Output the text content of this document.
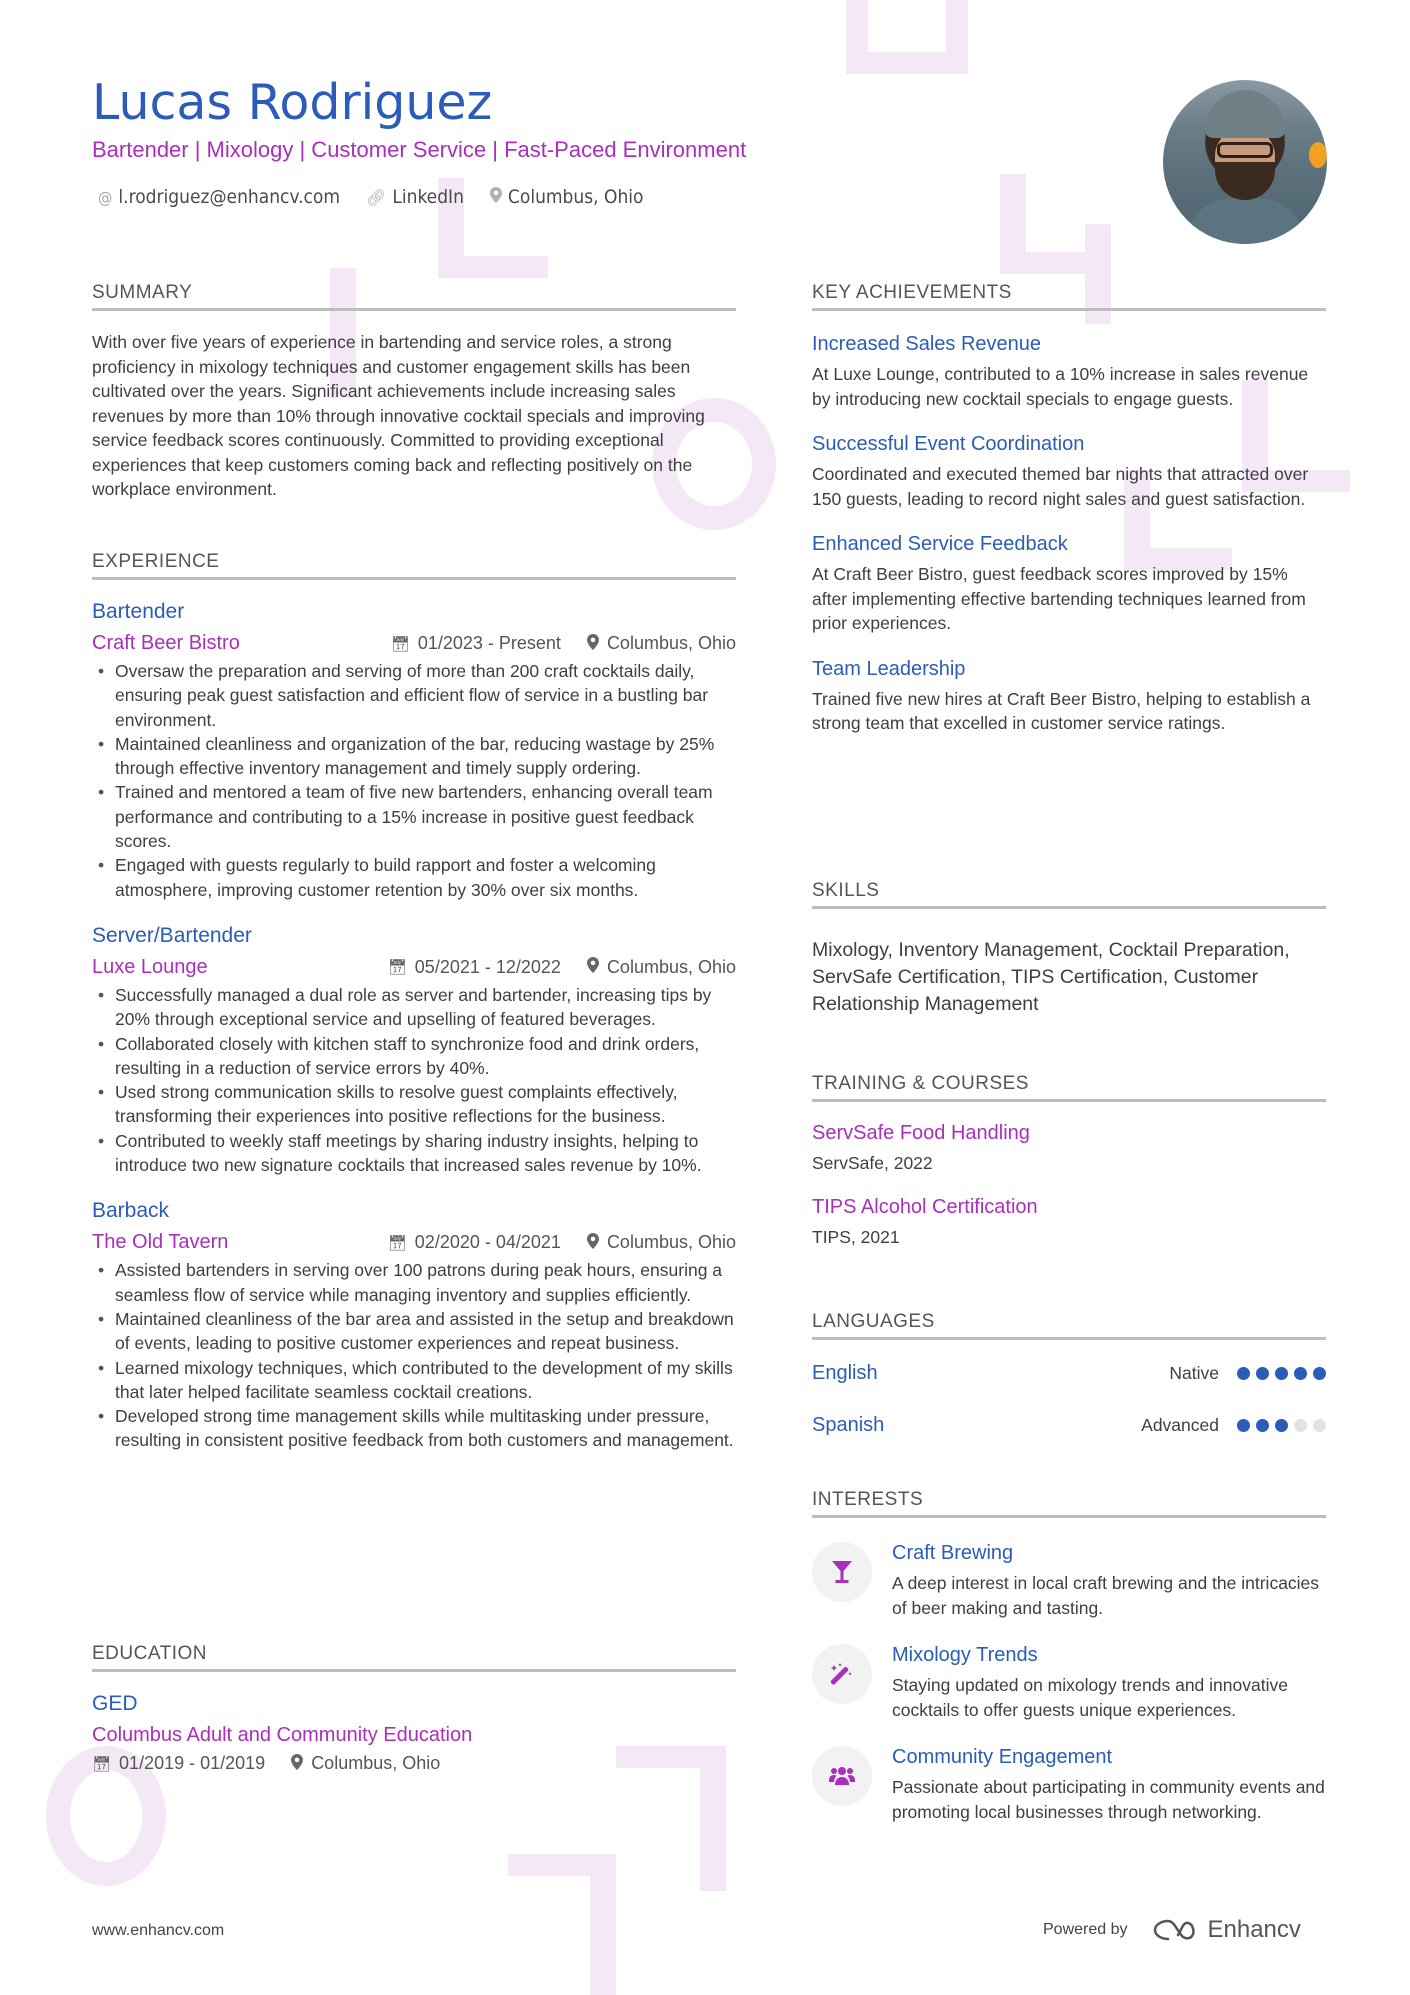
Lucas Rodriguez
Bartender | Mixology | Customer Service | Fast-Paced Environment
@ l.rodriguez@enhancv.com 🔗︎ LinkedIn Columbus, Ohio
SUMMARY
With over five years of experience in bartending and service roles, a strong proficiency in mixology techniques and customer engagement skills has been cultivated over the years. Significant achievements include increasing sales revenues by more than 10% through innovative cocktail specials and improving service feedback scores continuously. Committed to providing exceptional experiences that keep customers coming back and reflecting positively on the workplace environment.
EXPERIENCE
Bartender
Craft Beer Bistro	📅︎ 01/2023 - Present	Columbus, Ohio
• Oversaw the preparation and serving of more than 200 craft cocktails daily, ensuring peak guest satisfaction and efficient flow of service in a bustling bar environment.
• Maintained cleanliness and organization of the bar, reducing wastage by 25% through effective inventory management and timely supply ordering.
• Trained and mentored a team of five new bartenders, enhancing overall team performance and contributing to a 15% increase in positive guest feedback scores.
• Engaged with guests regularly to build rapport and foster a welcoming atmosphere, improving customer retention by 30% over six months.
Server/Bartender
Luxe Lounge	📅︎ 05/2021 - 12/2022	Columbus, Ohio
• Successfully managed a dual role as server and bartender, increasing tips by 20% through exceptional service and upselling of featured beverages.
• Collaborated closely with kitchen staff to synchronize food and drink orders, resulting in a reduction of service errors by 40%.
• Used strong communication skills to resolve guest complaints effectively, transforming their experiences into positive reflections for the business.
• Contributed to weekly staff meetings by sharing industry insights, helping to introduce two new signature cocktails that increased sales revenue by 10%.
Barback
The Old Tavern	📅︎ 02/2020 - 04/2021	Columbus, Ohio
• Assisted bartenders in serving over 100 patrons during peak hours, ensuring a seamless flow of service while managing inventory and supplies efficiently.
• Maintained cleanliness of the bar area and assisted in the setup and breakdown of events, leading to positive customer experiences and repeat business.
• Learned mixology techniques, which contributed to the development of my skills that later helped facilitate seamless cocktail creations.
• Developed strong time management skills while multitasking under pressure, resulting in consistent positive feedback from both customers and management.
EDUCATION
GED
Columbus Adult and Community Education
📅︎ 01/2019 - 01/2019	Columbus, Ohio
KEY ACHIEVEMENTS
Increased Sales Revenue
At Luxe Lounge, contributed to a 10% increase in sales revenue by introducing new cocktail specials to engage guests.
Successful Event Coordination
Coordinated and executed themed bar nights that attracted over 150 guests, leading to record night sales and guest satisfaction.
Enhanced Service Feedback
At Craft Beer Bistro, guest feedback scores improved by 15% after implementing effective bartending techniques learned from prior experiences.
Team Leadership
Trained five new hires at Craft Beer Bistro, helping to establish a strong team that excelled in customer service ratings.
SKILLS
Mixology, Inventory Management, Cocktail Preparation, ServSafe Certification, TIPS Certification, Customer Relationship Management
TRAINING & COURSES
ServSafe Food Handling
ServSafe, 2022
TIPS Alcohol Certification
TIPS, 2021
LANGUAGES
English	Native
Spanish	Advanced
INTERESTS
Craft Brewing
A deep interest in local craft brewing and the intricacies of beer making and tasting.
Mixology Trends
Staying updated on mixology trends and innovative cocktails to offer guests unique experiences.
Community Engagement
Passionate about participating in community events and promoting local businesses through networking.
www.enhancv.com	Powered by	Enhancv
